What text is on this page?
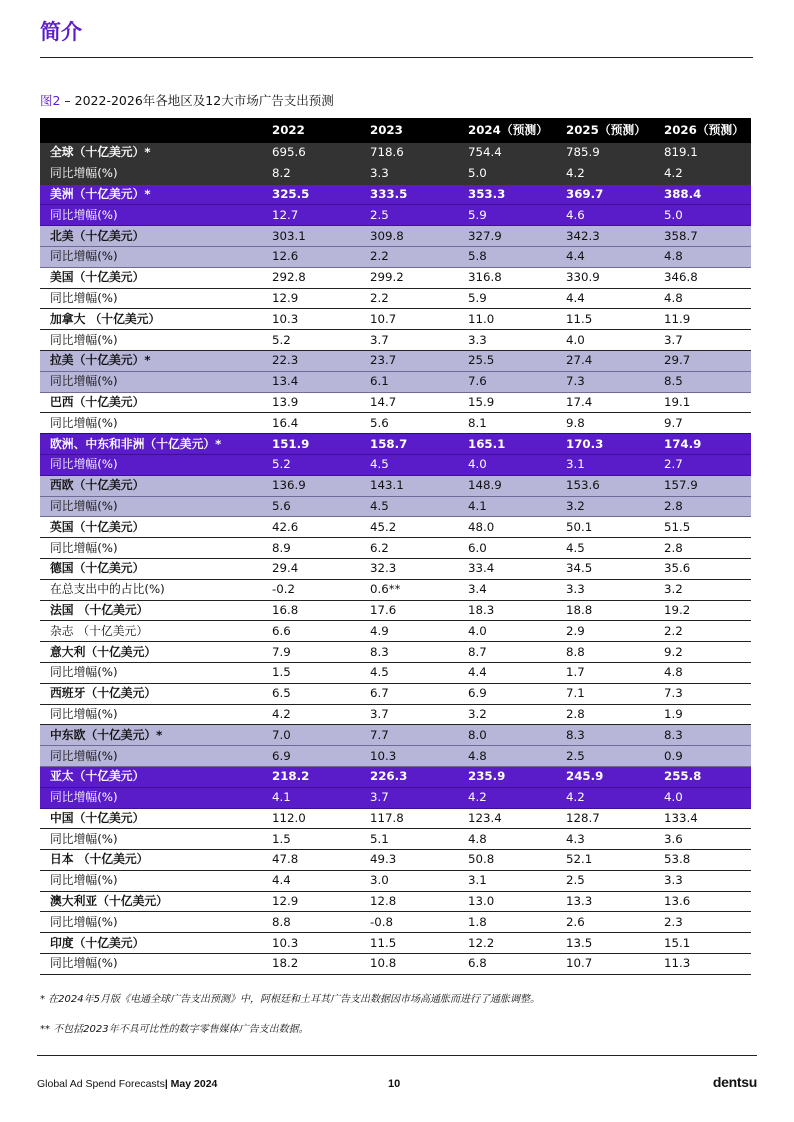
简介
图2 – 2022-2026年各地区及12大市场广告支出预测
	2022	2023	2024（预测）	2025（预测）	2026（预测）
全球（十亿美元）*	695.6	718.6	754.4	785.9	819.1
同比增幅(%)	8.2	3.3	5.0	4.2	4.2
美洲（十亿美元）*	325.5	333.5	353.3	369.7	388.4
同比增幅(%)	12.7	2.5	5.9	4.6	5.0
北美（十亿美元）	303.1	309.8	327.9	342.3	358.7
同比增幅(%)	12.6	2.2	5.8	4.4	4.8
美国（十亿美元）	292.8	299.2	316.8	330.9	346.8
同比增幅(%)	12.9	2.2	5.9	4.4	4.8
加拿大 （十亿美元）	10.3	10.7	11.0	11.5	11.9
同比增幅(%)	5.2	3.7	3.3	4.0	3.7
拉美（十亿美元）*	22.3	23.7	25.5	27.4	29.7
同比增幅(%)	13.4	6.1	7.6	7.3	8.5
巴西（十亿美元）	13.9	14.7	15.9	17.4	19.1
同比增幅(%)	16.4	5.6	8.1	9.8	9.7
欧洲、中东和非洲（十亿美元）*	151.9	158.7	165.1	170.3	174.9
同比增幅(%)	5.2	4.5	4.0	3.1	2.7
西欧（十亿美元）	136.9	143.1	148.9	153.6	157.9
同比增幅(%)	5.6	4.5	4.1	3.2	2.8
英国（十亿美元）	42.6	45.2	48.0	50.1	51.5
同比增幅(%)	8.9	6.2	6.0	4.5	2.8
德国（十亿美元）	29.4	32.3	33.4	34.5	35.6
在总支出中的占比(%)	-0.2	0.6**	3.4	3.3	3.2
法国 （十亿美元）	16.8	17.6	18.3	18.8	19.2
杂志 （十亿美元）	6.6	4.9	4.0	2.9	2.2
意大利（十亿美元）	7.9	8.3	8.7	8.8	9.2
同比增幅(%)	1.5	4.5	4.4	1.7	4.8
西班牙（十亿美元）	6.5	6.7	6.9	7.1	7.3
同比增幅(%)	4.2	3.7	3.2	2.8	1.9
中东欧（十亿美元）*	7.0	7.7	8.0	8.3	8.3
同比增幅(%)	6.9	10.3	4.8	2.5	0.9
亚太（十亿美元）	218.2	226.3	235.9	245.9	255.8
同比增幅(%)	4.1	3.7	4.2	4.2	4.0
中国（十亿美元）	112.0	117.8	123.4	128.7	133.4
同比增幅(%)	1.5	5.1	4.8	4.3	3.6
日本 （十亿美元）	47.8	49.3	50.8	52.1	53.8
同比增幅(%)	4.4	3.0	3.1	2.5	3.3
澳大利亚（十亿美元）	12.9	12.8	13.0	13.3	13.6
同比增幅(%)	8.8	-0.8	1.8	2.6	2.3
印度（十亿美元）	10.3	11.5	12.2	13.5	15.1
同比增幅(%)	18.2	10.8	6.8	10.7	11.3

* 在2024年5月版《电通全球广告支出预测》中，阿根廷和土耳其广告支出数据因市场高通胀而进行了通胀调整。

** 不包括2023年不具可比性的数字零售媒体广告支出数据。

Global Ad Spend Forecasts| May 2024	10	dentsu
